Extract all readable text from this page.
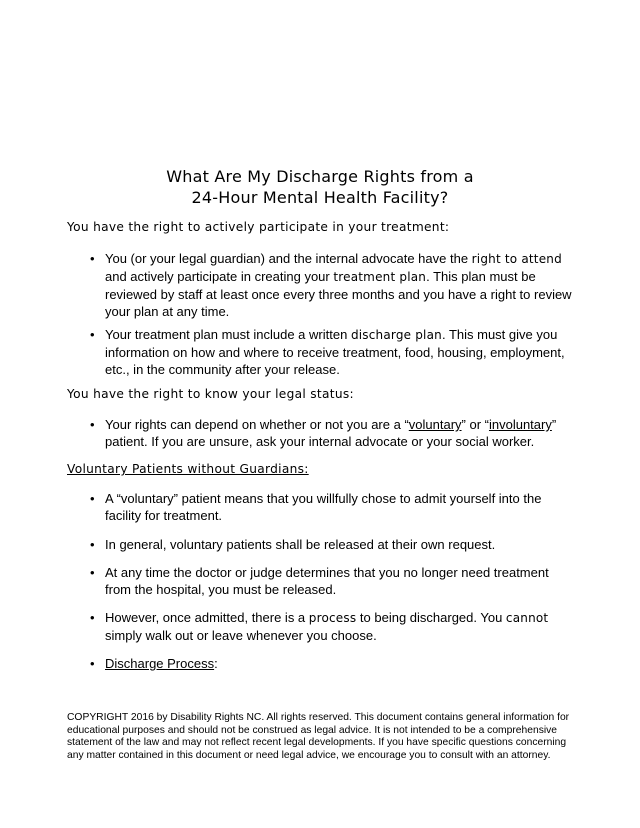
What Are My Discharge Rights from a
24-Hour Mental Health Facility?
You have the right to actively participate in your treatment:
• You (or your legal guardian) and the internal advocate have the right to attend and actively participate in creating your treatment plan. This plan must be reviewed by staff at least once every three months and you have a right to review your plan at any time.
• Your treatment plan must include a written discharge plan. This must give you information on how and where to receive treatment, food, housing, employment, etc., in the community after your release.
You have the right to know your legal status:
• Your rights can depend on whether or not you are a “voluntary” or “involuntary” patient. If you are unsure, ask your internal advocate or your social worker.
Voluntary Patients without Guardians:
• A “voluntary” patient means that you willfully chose to admit yourself into the facility for treatment.
• In general, voluntary patients shall be released at their own request.
• At any time the doctor or judge determines that you no longer need treatment from the hospital, you must be released.
• However, once admitted, there is a process to being discharged. You cannot simply walk out or leave whenever you choose.
• Discharge Process:
COPYRIGHT 2016 by Disability Rights NC. All rights reserved. This document contains general information for educational purposes and should not be construed as legal advice. It is not intended to be a comprehensive statement of the law and may not reflect recent legal developments. If you have specific questions concerning any matter contained in this document or need legal advice, we encourage you to consult with an attorney.
